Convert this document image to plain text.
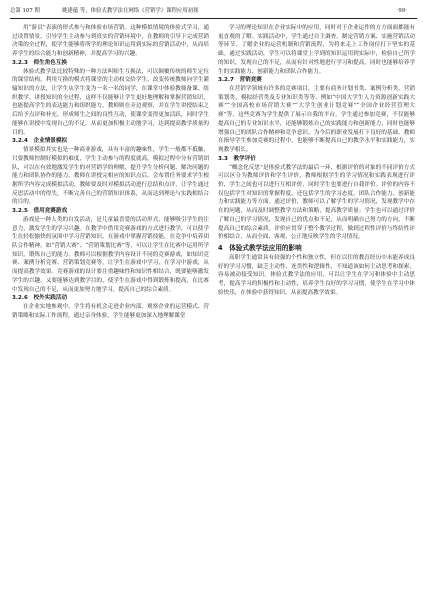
总第 107 期	姚建蕴 等，体验式教学法在网络《营销学》课程应用初探	·99·

用“游员”表演的形式参与和体验市场营销。这种模拟情境的体验式学习，通过设置情景，引导学生主动参与到真实的营销环境中，在教师的引导下完成营销决策的全过程，使学生能够将所学的理论知识运用到实际的营销活动中，从而培养学生的综合能力和创新精神，并提高学习的兴趣。

3.2.3　师生角色互换

体验式教学法比较特殊的一种方法叫师生互换法，可以颠覆传统的师生定位的课堂结构，利用互换的模式将课堂的主动权交给学生，改变传统教师向学生灌输知识的方法，让学生从学生变为一名一名的同学，在课堂中体验教师备课、组织教学、讲授知识的全过程，这样不仅能够让学生更好地理解和掌握营销知识，也能提高学生的表达能力和组织能力。教师则在旁边观察，并在学生讲授结束之后给予点评和补充，形成师生之间的良性互动，使课堂变得更加活跃，同时学生能够在讲授中发现自己的不足，从而更加积极主动地学习，达到提高教学质量的目的。

3.2.4　企业情景模拟

情景模拟其实也是一种商业游戏，具有丰富的趣味性，学生一般都不抵触，只要教师控制好模拟的难度，学生主动参与的程度就高。模拟过程中分有营销团队，可以在有效地激发学生的对营销学的理解，提升学生分析问题、解决问题的能力和团队协作的能力。教师在讲授完相应的知识点后，会布置任务要求学生根据所学内容完成模拟活动，教师要及时对模拟活动进行总结和点评，让学生通过反思活动中的得失，不断完善自己的营销知识体系，从而达到理论与实践相结合的目的。

3.2.5　借用竞赛游戏

游戏是一种人类的自发活动，是儿童最喜爱的活动形式，能够吸引学生的注意力，激发学生的学习兴趣。在教学中借用竞赛游戏的方式进行教学，可以使学生在轻松愉快的氛围中学习营销知识，在游戏中掌握营销技能，在竞争中培养团队合作精神。如“营销大赛”、“营销策划比赛”等，可以让学生在比赛中运用所学知识，锻炼自己的能力。教师可以根据教学内容设计不同的竞赛游戏，如知识竞赛、案例分析竞赛、营销策划竞赛等，让学生在游戏中学习，在学习中游戏，从而提高教学效果。竞赛游戏的设计要注重趣味性和知识性相结合，既要能够激发学生的兴趣，又要能够达到教学目的，使学生在游戏中得到锻炼和提高，在比赛中发现自己的不足，从而更加努力地学习，提高自己的综合素质。

3.2.6　校外实践活动

在企业实地参观中，学生将有机会走进企业内部，观察企业的运营模式、营销策略和实际工作流程，通过亲身体验，学生能够更加深入地理解课堂

学习的理论知识在企业实际中的应用，同时对于企业运作的方方面面都能有更直观的了解。实践活动中，学生通过自主调查、制定营销方案、实施营销活动等环节，了解企业的运营机制和营销流程，为将来走上工作岗位打下坚实的基础。通过实践活动，学生可以将课堂上学到的知识运用到实际中，检验自己所学的知识，发现自己的不足，从而有针对性地进行学习和提高，同时也能够培养学生的实践能力、创新能力和团队合作能力。

3.2.7　营销竞赛

在营销学领域有许多的竞赛项目，主要有商务计划书类、案例分析类、营销策划类、模拟经营类及专业知识类等等，例如“中国大学生人力资源创新实践大赛”“全国高校市场营销大赛”“大学生创业计划竞赛”“全国企业经营管理大赛”等，这些竞赛为学生提供了展示自我的平台，学生通过参加竞赛，不仅能够提高自己的专业知识水平，还能够锻炼自己的实践能力和创新能力，同时也能够增强自己的团队合作精神和竞争意识，为今后的职业发展打下良好的基础。教师在指导学生参加竞赛的过程中，也能够不断提高自己的教学水平和实践能力，实现教学相长。

3.3　教学评价

“概念化反思”是体验式教学法的最后一环，根据评价的对象的不同评价方式可以区分为教师评价和学生评价，教师根据学生的学习情况和实践表现进行评价，学生之间也可以进行互相评价，同时学生也要进行自我评价。评价的内容不仅包括学生对知识的掌握程度，还包括学生的学习态度、团队合作能力、创新能力和实践能力等方面。通过评价，教师可以了解学生的学习情况，发现教学中存在的问题，从而及时调整教学方法和策略，提高教学质量；学生也可以通过评价了解自己的学习情况，发现自己的优点和不足，从而明确自己努力的方向，不断提高自己的综合素质。评价应贯穿于整个教学过程，做到过程性评价与终结性评价相结合，从而全面、客观、公正地反映学生的学习情况。

4　体验式教学法应用的影响

高职学生通常具有较强的个性和独立性，但在以往的教育经历中未能养成良好的学习习惯，缺乏主动性、连贯性和逻辑性，不知道该如何主动思考和探索，容易被动接受知识。体验式教学法的应用，可以让学生在学习和体验中主动思考，提高学习的积极性和主动性，培养学生良好的学习习惯，使学生在学习中体验快乐，在体验中获得知识，从而提高教学效果。
